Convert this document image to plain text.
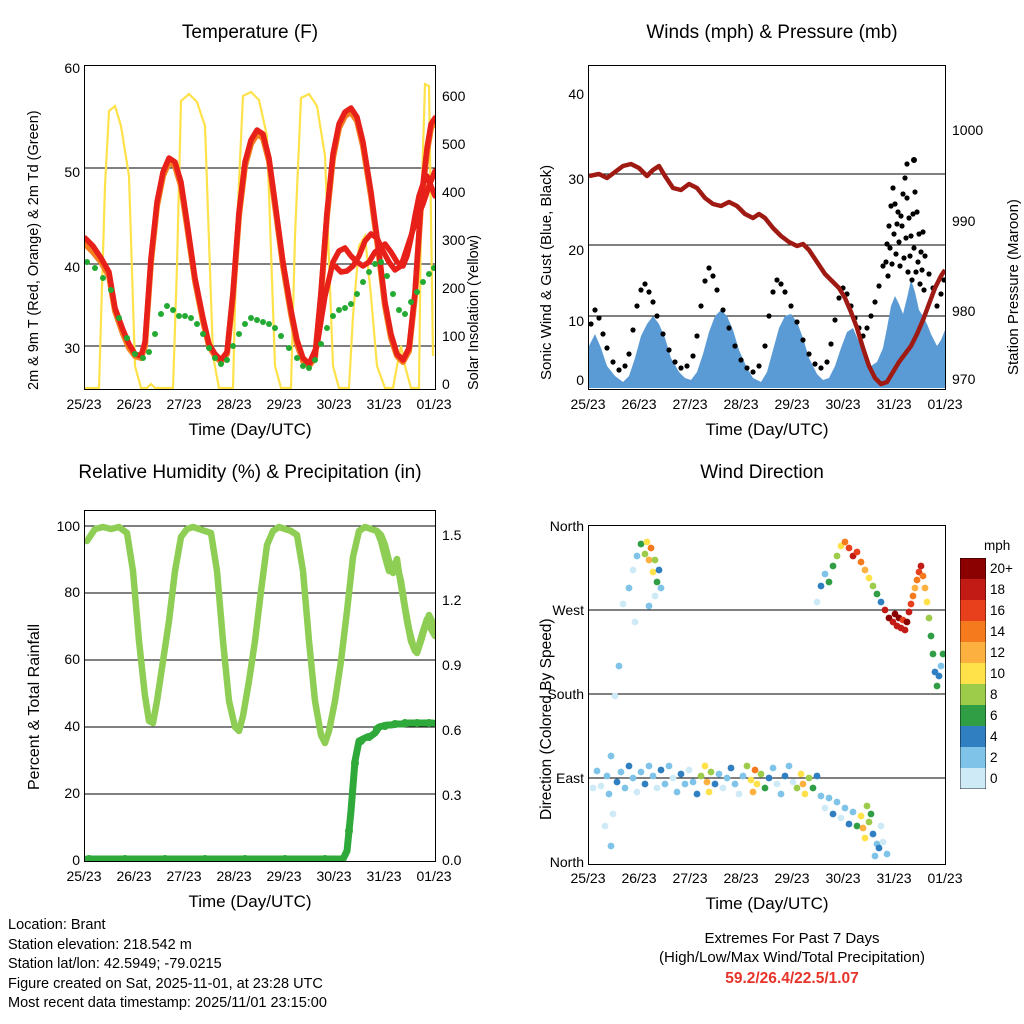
Temperature (F)
2m & 9m T (Red, Orange) & 2m Td (Green)	Solar Insolation (Yellow)
30
40
50
60
0
100
200
300
400
500
600
25/23	26/23	27/23	28/23	29/23	30/23	31/23	01/23
Time (Day/UTC)
Winds (mph) & Pressure (mb)
Sonic Wind & Gust (Blue, Black)	Station Pressure (Maroon)
0
10
20
30
40
970
980
990
1000
25/23	26/23	27/23	28/23	29/23	30/23	31/23	01/23
Time (Day/UTC)
Relative Humidity (%) & Precipitation (in)
Percent & Total Rainfall
0
20
40
60
80
100
0.0
0.3
0.6
0.9
1.2
1.5
25/23	26/23	27/23	28/23	29/23	30/23	31/23	01/23
Time (Day/UTC)
Wind Direction
Direction (Colored By Speed)
North
West
South
East
North
mph
20+
18
16
14
12
10
8
6
4
2
0
25/23	26/23	27/23	28/23	29/23	30/23	31/23	01/23
Time (Day/UTC)
Location: Brant
Station elevation: 218.542 m
Station lat/lon: 42.5949; -79.0215
Figure created on Sat, 2025-11-01, at 23:28 UTC
Most recent data timestamp: 2025/11/01 23:15:00
Extremes For Past 7 Days
(High/Low/Max Wind/Total Precipitation)
59.2/26.4/22.5/1.07
